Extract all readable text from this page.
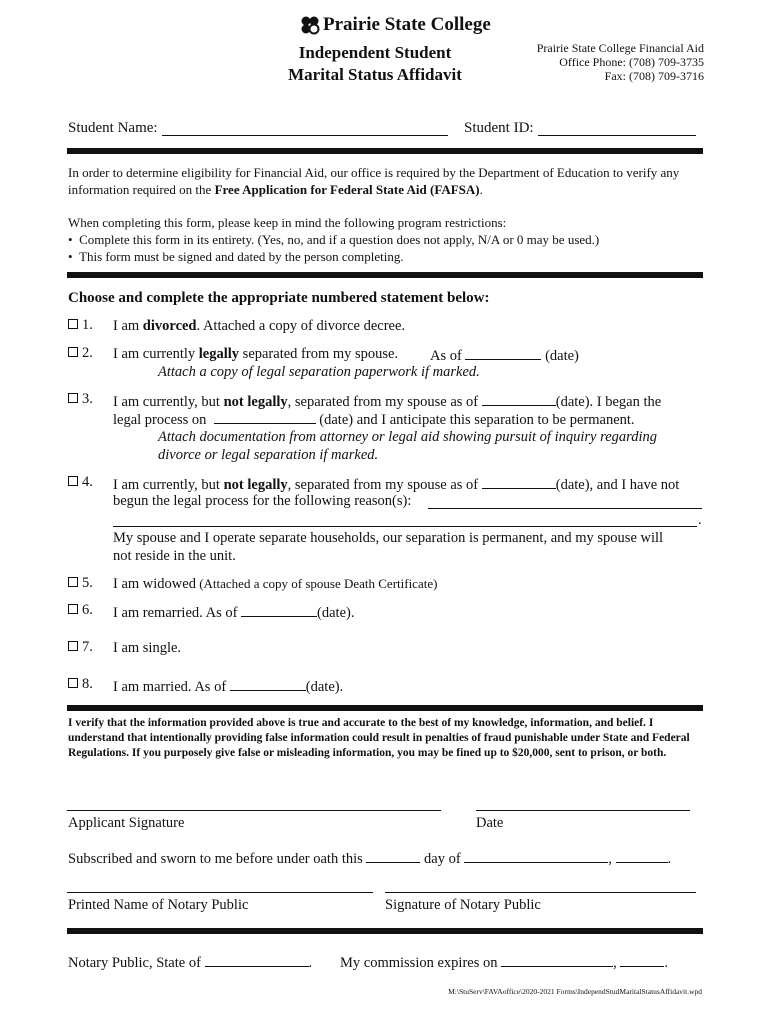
Prairie State College
Independent Student
Marital Status Affidavit
Prairie State College Financial Aid
Office Phone: (708) 709-3735
Fax: (708) 709-3716
Student Name:	Student ID:
In order to determine eligibility for Financial Aid, our office is required by the Department of Education to verify any information required on the Free Application for Federal State Aid (FAFSA).
When completing this form, please keep in mind the following program restrictions:
•  Complete this form in its entirety. (Yes, no, and if a question does not apply, N/A or 0 may be used.)
•  This form must be signed and dated by the person completing.
Choose and complete the appropriate numbered statement below:
1. I am divorced. Attached a copy of divorce decree.
2. I am currently legally separated from my spouse. As of	(date)
Attach a copy of legal separation paperwork if marked.
3. I am currently, but not legally, separated from my spouse as of	(date). I began the
legal process on	(date) and I anticipate this separation to be permanent.
Attach documentation from attorney or legal aid showing pursuit of inquiry regarding
divorce or legal separation if marked.
4. I am currently, but not legally, separated from my spouse as of	(date), and I have not
begun the legal process for the following reason(s):
.
My spouse and I operate separate households, our separation is permanent, and my spouse will
not reside in the unit.
5. I am widowed (Attached a copy of spouse Death Certificate)
6. I am remarried. As of	(date).
7. I am single.
8. I am married. As of	(date).
I verify that the information provided above is true and accurate to the best of my knowledge, information, and belief. I understand that intentionally providing false information could result in penalties of fraud punishable under State and Federal Regulations. If you purposely give false or misleading information, you may be fined up to $20,000, sent to prison, or both.
Applicant Signature	Date
Subscribed and sworn to me before under oath this	day of	,	.
Printed Name of Notary Public	Signature of Notary Public
Notary Public, State of	. My commission expires on	,	.
M:\StuServ\FAVAoffice\2020-2021 Forms\IndependStudMaritalStatusAffidavit.wpd
